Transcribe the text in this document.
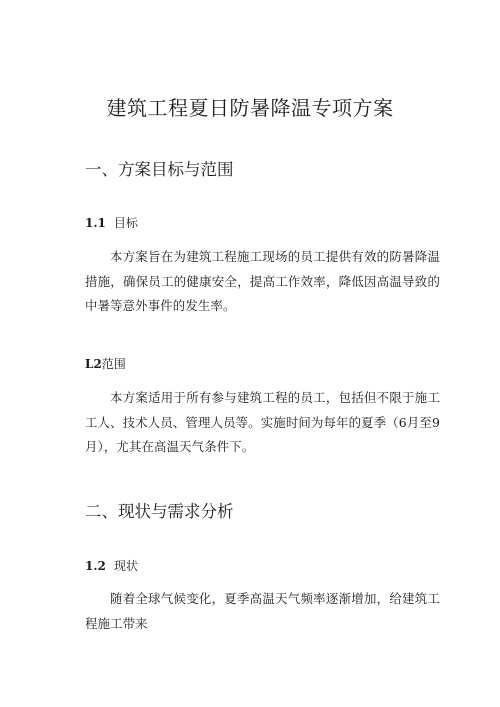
建筑工程夏日防暑降温专项方案
一、方案目标与范围
1.1 目标

本方案旨在为建筑工程施工现场的员工提供有效的防暑降温措施，确保员工的健康安全，提高工作效率，降低因高温导致的中暑等意外事件的发生率。

L2范围

本方案适用于所有参与建筑工程的员工，包括但不限于施工工人、技术人员、管理人员等。实施时间为每年的夏季（6月至9月），尤其在高温天气条件下。

二、现状与需求分析
1.2 现状

随着全球气候变化，夏季高温天气频率逐渐增加，给建筑工程施工带来
